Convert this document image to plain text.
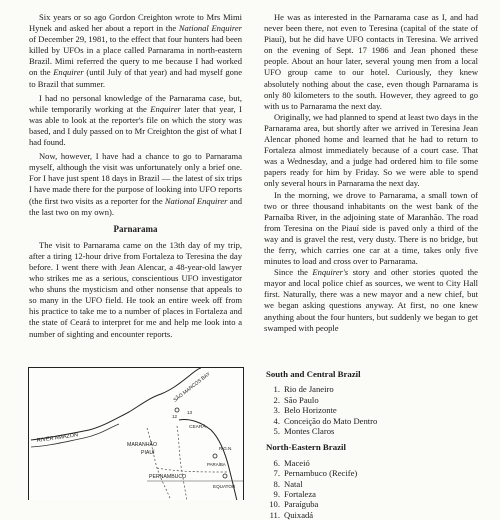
Six years or so ago Gordon Creighton wrote to Mrs Mimi Hynek and asked her about a report in the National Enquirer of December 29, 1981, to the effect that four hunters had been killed by UFOs in a place called Parnarama in north-eastern Brazil. Mimi referred the query to me because I had worked on the Enquirer (until July of that year) and had myself gone to Brazil that summer.

I had no personal knowledge of the Parnarama case, but, while temporarily working at the Enquirer later that year, I was able to look at the reporter's file on which the story was based, and I duly passed on to Mr Creighton the gist of what I had found.

Now, however, I have had a chance to go to Parnarama myself, although the visit was unfortunately only a brief one. For I have just spent 18 days in Brazil — the latest of six trips I have made there for the purpose of looking into UFO reports (the first two visits as a reporter for the National Enquirer and the last two on my own).

Parnarama

The visit to Parnarama came on the 13th day of my trip, after a tiring 12-hour drive from Fortaleza to Teresina the day before. I went there with Jean Alencar, a 48-year-old lawyer who strikes me as a serious, conscientious UFO investigator who shuns the mysticism and other nonsense that appeals to so many in the UFO field. He took an entire week off from his practice to take me to a number of places in Fortaleza and the state of Ceará to interpret for me and help me look into a number of sighting and encounter reports.

He was as interested in the Parnarama case as I, and had never been there, not even to Teresina (capital of the state of Piauí), but he did have UFO contacts in Teresina. We arrived on the evening of Sept. 17 1986 and Jean phoned these people. About an hour later, several young men from a local UFO group came to our hotel. Curiously, they knew absolutely nothing about the case, even though Parnarama is only 80 kilometers to the south. However, they agreed to go with us to Parnarama the next day.

Originally, we had planned to spend at least two days in the Parnarama area, but shortly after we arrived in Teresina Jean Alencar phoned home and learned that he had to return to Fortaleza almost immediately because of a court case. That was a Wednesday, and a judge had ordered him to file some papers ready for him by Friday. So we were able to spend only several hours in Parnarama the next day.

In the morning, we drove to Parnarama, a small town of two or three thousand inhabitants on the west bank of the Parnaíba River, in the adjoining state of Maranhão. The road from Teresina on the Piauí side is paved only a third of the way and is gravel the rest, very dusty. There is no bridge, but the ferry, which carries one car at a time, takes only five minutes to load and cross over to Parnarama.

Since the Enquirer's story and other stories quoted the mayor and local police chief as sources, we went to City Hall first. Naturally, there was a new mayor and a new chief, but we began asking questions anyway. At first, no one knew anything about the four hunters, but suddenly we began to get swamped with people

RIVER AMAZON
MARANHÃO
PIAUÍ
PERNAMBUCO
EQUATOR
SÃO MARCOS BAY
CEARÁ
R.G.N.
PARAÍBA
12
13
South and Central Brazil
1. Rio de Janeiro
2. São Paulo
3. Belo Horizonte
4. Conceição do Mato Dentro
5. Montes Claros
North-Eastern Brazil
6. Maceió
7. Pernambuco (Recife)
8. Natal
9. Fortaleza
10. Paraíguba
11. Quixadá
